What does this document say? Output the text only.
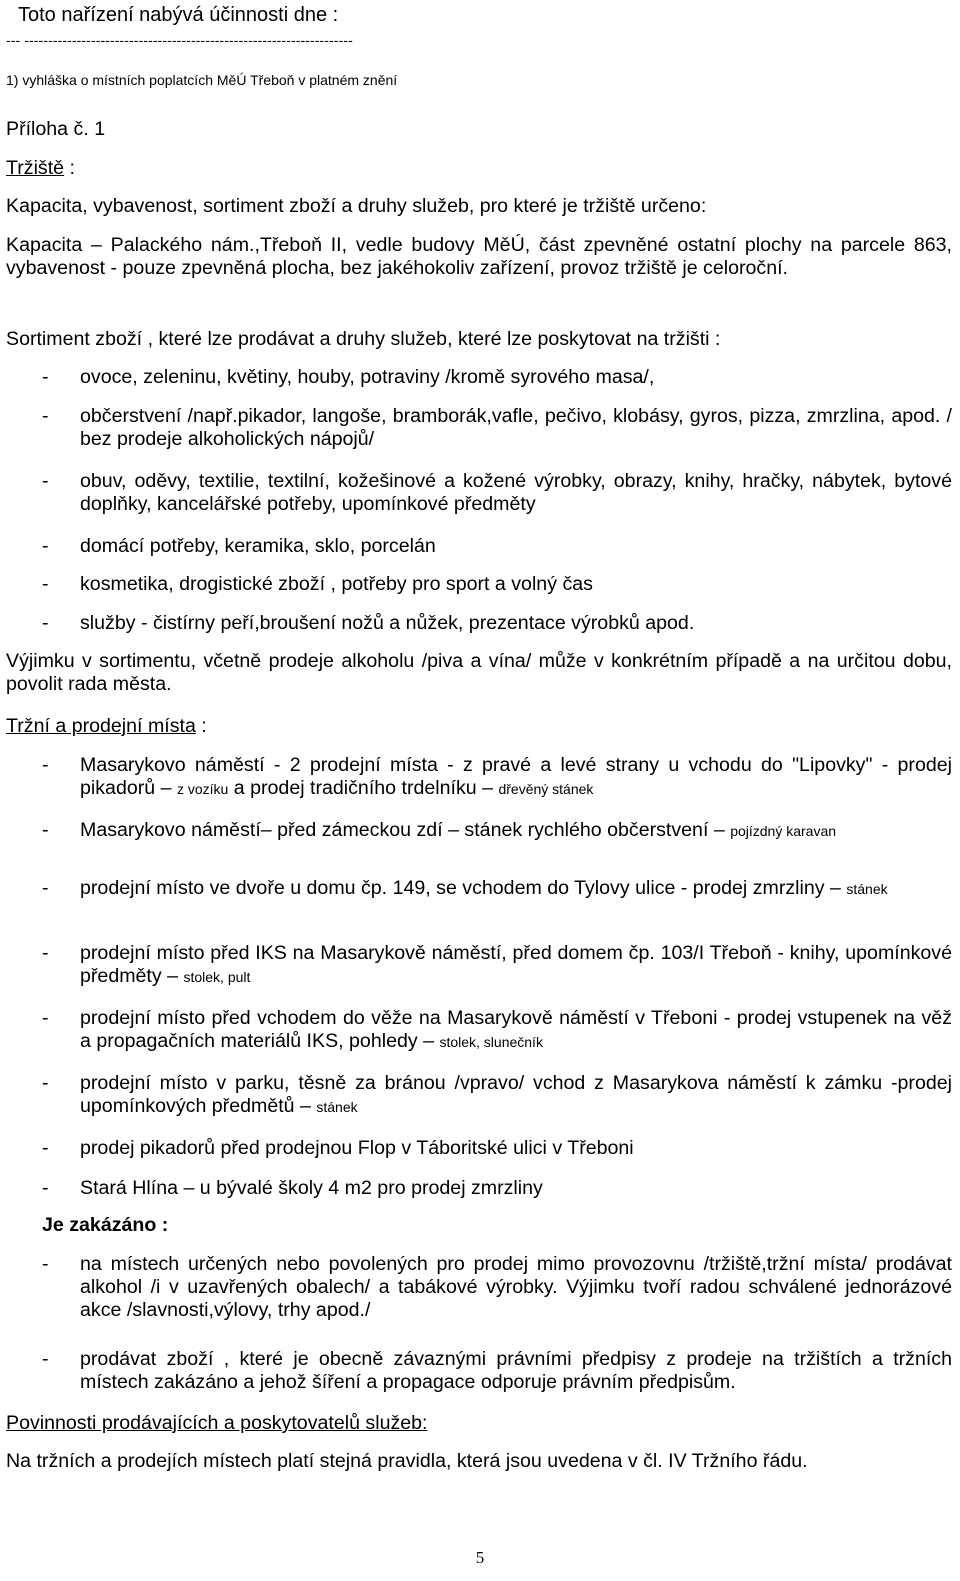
Toto nařízení nabývá účinnosti dne :
--- ---------------------------------------------------------------------
1) vyhláška o místních poplatcích MěÚ Třeboň v platném znění
Příloha č. 1
Tržiště :
Kapacita, vybavenost, sortiment zboží a druhy služeb, pro které je tržiště určeno:
Kapacita – Palackého nám.,Třeboň II, vedle budovy MěÚ, část zpevněné ostatní plochy na parcele 863, vybavenost - pouze zpevněná plocha, bez jakéhokoliv zařízení, provoz tržiště je celoroční.
Sortiment zboží , které lze prodávat a druhy služeb, které lze poskytovat na tržišti :
- ovoce, zeleninu, květiny, houby, potraviny /kromě syrového masa/,
- občerstvení /např.pikador, langoše, bramborák,vafle, pečivo, klobásy, gyros, pizza, zmrzlina, apod. / bez prodeje alkoholických nápojů/
- obuv, oděvy, textilie, textilní, kožešinové a kožené výrobky, obrazy, knihy, hračky, nábytek, bytové doplňky, kancelářské potřeby, upomínkové předměty
- domácí potřeby, keramika, sklo, porcelán
- kosmetika, drogistické zboží , potřeby pro sport a volný čas
- služby - čistírny peří,broušení nožů a nůžek, prezentace výrobků apod.
Výjimku v sortimentu, včetně prodeje alkoholu /piva a vína/ může v konkrétním případě a na určitou dobu, povolit rada města.
Tržní a prodejní místa :
- Masarykovo náměstí - 2 prodejní místa - z pravé a levé strany u vchodu do "Lipovky" - prodej pikadorů – z vozíku a prodej tradičního trdelníku – dřevěný stánek
- Masarykovo náměstí– před zámeckou zdí – stánek rychlého občerstvení – pojízdný karavan
- prodejní místo ve dvoře u domu čp. 149, se vchodem do Tylovy ulice - prodej zmrzliny – stánek
- prodejní místo před IKS na Masarykově náměstí, před domem čp. 103/I Třeboň - knihy, upomínkové předměty – stolek, pult
- prodejní místo před vchodem do věže na Masarykově náměstí v Třeboni - prodej vstupenek na věž a propagačních materiálů IKS, pohledy – stolek, slunečník
- prodejní místo v parku, těsně za bránou /vpravo/ vchod z Masarykova náměstí k zámku -prodej upomínkových předmětů – stánek
- prodej pikadorů před prodejnou Flop v Táboritské ulici v Třeboni
- Stará Hlína – u bývalé školy 4 m2 pro prodej zmrzliny
Je zakázáno :
- na místech určených nebo povolených pro prodej mimo provozovnu /tržiště,tržní místa/ prodávat alkohol /i v uzavřených obalech/ a tabákové výrobky. Výjimku tvoří radou schválené jednorázové akce /slavnosti,výlovy, trhy apod./
- prodávat zboží , které je obecně závaznými právními předpisy z prodeje na tržištích a tržních místech zakázáno a jehož šíření a propagace odporuje právním předpisům.
Povinnosti prodávajících a poskytovatelů služeb:
Na tržních a prodejích místech platí stejná pravidla, která jsou uvedena v čl. IV Tržního řádu.
5
